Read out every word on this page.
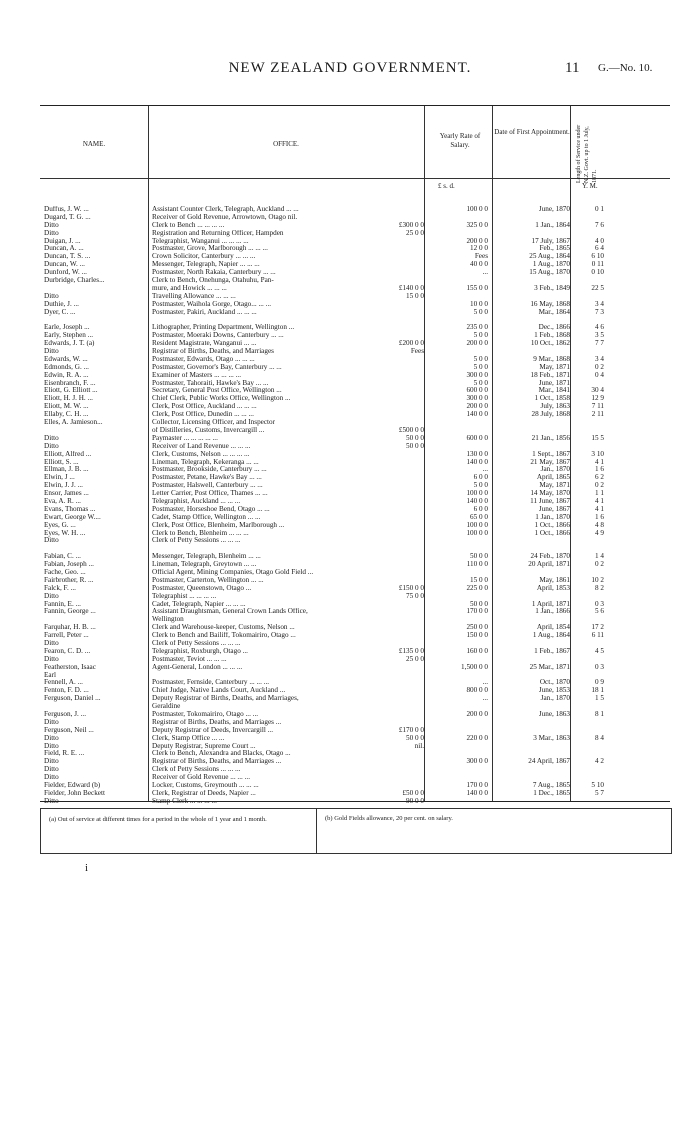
NEW ZEALAND GOVERNMENT.	11 G.—No. 10.
NAME.	OFFICE.
Yearly Rate of Salary.
Date of First Appointment. Length of Service under N.Z. Govt. up to 1 July, 1871.
£ s. d.	Y. M.
Duffus, J. W. ...	Assistant Counter Clerk, Telegraph, Auckland ... ...	100 0 0	June, 1870	0 1
Dugard, T. G. ...	Receiver of Gold Revenue, Arrowtown, Otago nil.
Ditto	Clerk to Bench ... ... ... ...	£300 0 0	325 0 0	1 Jan., 1864	7 6
Ditto	Registration and Returning Officer, Hampden	25 0 0
Duigan, J. ...	Telegraphist, Wanganui ... ... ... ...	200 0 0	17 July, 1867	4 0
Duncan, A. ...	Postmaster, Grove, Marlborough ... ... ...	12 0 0	Feb., 1865	6 4
Duncan, T. S. ...	Crown Solicitor, Canterbury ... ... ...	Fees	25 Aug., 1864	6 10
Duncan, W. ...	Messenger, Telegraph, Napier ... ... ...	40 0 0	1 Aug., 1870	0 11
Dunford, W. ...	Postmaster, North Rakaia, Canterbury ... ...	...	15 Aug., 1870	0 10
Durbridge, Charles...	Clerk to Bench, Onehunga, Otahuhu, Pan-
mure, and Howick ... ... ...	£140 0 0	155 0 0	3 Feb., 1849	22 5
Ditto	Travelling Allowance ... ... ...	15 0 0
Duthie, J. ...	Postmaster, Waihola Gorge, Otago... ... ...	10 0 0	16 May, 1868	3 4
Dyer, C. ...	Postmaster, Pakiri, Auckland ... ... ...	5 0 0	Mar., 1864	7 3
Earle, Joseph ...	Lithographer, Printing Department, Wellington ...	235 0 0	Dec., 1866	4 6
Early, Stephen ...	Postmaster, Moeraki Downs, Canterbury ... ...	5 0 0	1 Feb., 1868	3 5
Edwards, J. T. (a)	Resident Magistrate, Wanganui ... ...	£200 0 0	200 0 0	10 Oct., 1862	7 7
Ditto	Registrar of Births, Deaths, and Marriages	Fees
Edwards, W. ...	Postmaster, Edwards, Otago ... ... ...	5 0 0	9 Mar., 1868	3 4
Edmonds, G. ...	Postmaster, Governor's Bay, Canterbury ... ...	5 0 0	May, 1871	0 2
Edwin, R. A. ...	Examiner of Masters ... ... ... ...	300 0 0	18 Feb., 1871	0 4
Eisenbranch, F. ...	Postmaster, Tahoraiti, Hawke's Bay ... ...	5 0 0	June, 1871
Eliott, G. Elliott ...	Secretary, General Post Office, Wellington ...	600 0 0	Mar., 1841	30 4
Eliott, H. J. H. ...	Chief Clerk, Public Works Office, Wellington ...	300 0 0	1 Oct., 1858	12 9
Eliott, M. W. ...	Clerk, Post Office, Auckland ... ... ...	200 0 0	July, 1863	7 11
Ellaby, C. H. ...	Clerk, Post Office, Dunedin ... ... ...	140 0 0	28 July, 1868	2 11
Elles, A. Jamieson...	Collector, Licensing Officer, and Inspector
of Distilleries, Customs, Invercargill ...	£500 0 0
Ditto	Paymaster ... ... ... ... ...	50 0 0	600 0 0	21 Jan., 1856	15 5
Ditto	Receiver of Land Revenue ... ... ...	50 0 0
Elliott, Alfred ...	Clerk, Customs, Nelson ... ... ... ...	130 0 0	1 Sept., 1867	3 10
Elliott, S. ...	Lineman, Telegraph, Kekeranga ... ...	140 0 0	21 May, 1867	4 1
Ellman, J. B. ...	Postmaster, Brookside, Canterbury ... ...	...	Jan., 1870	1 6
Elwin, J ...	Postmaster, Petane, Hawke's Bay ... ...	6 0 0	April, 1865	6 2
Elwin, J. J. ...	Postmaster, Halswell, Canterbury ... ...	5 0 0	May, 1871	0 2
Ensor, James ...	Letter Carrier, Post Office, Thames ... ...	100 0 0	14 May, 1870	1 1
Eva, A. R. ...	Telegraphist, Auckland ... ... ...	140 0 0	11 June, 1867	4 1
Evans, Thomas ...	Postmaster, Horseshoe Bend, Otago ... ...	6 0 0	June, 1867	4 1
Ewart, George W....	Cadet, Stamp Office, Wellington ... ...	65 0 0	1 Jan., 1870	1 6
Eyes, G. ...	Clerk, Post Office, Blenheim, Marlborough ...	100 0 0	1 Oct., 1866	4 8
Eyes, W. H. ...	Clerk to Bench, Blenheim ... ... ...	100 0 0	1 Oct., 1866	4 9
Ditto	Clerk of Petty Sessions ... ... ...
Fabian, C. ...	Messenger, Telegraph, Blenheim ... ...	50 0 0	24 Feb., 1870	1 4
Fabian, Joseph ...	Lineman, Telegraph, Greytown ... ...	110 0 0	20 April, 1871	0 2
Fache, Geo. ...	Official Agent, Mining Companies, Otago Gold Field ...
Fairbrother, R. ...	Postmaster, Carterton, Wellington ... ...	15 0 0	May, 1861	10 2
Falck, F. ...	Postmaster, Queenstown, Otago ...	£150 0 0	225 0 0	April, 1853	8 2
Ditto	Telegraphist ... ... ... ...	75 0 0
Fannin, E. ...	Cadet, Telegraph, Napier ... ... ...	50 0 0	1 April, 1871	0 3
Fannin, George ...	Assistant Draughtsman, General Crown Lands Office,	170 0 0	1 Jan., 1866	5 6
Wellington
Farquhar, H. B. ...	Clerk and Warehouse-keeper, Customs, Nelson ...	250 0 0	April, 1854	17 2
Farrell, Peter ...	Clerk to Bench and Bailiff, Tokomairiro, Otago ...	150 0 0	1 Aug., 1864	6 11
Ditto	Clerk of Petty Sessions ... ... ...
Fearon, C. D. ...	Telegraphist, Roxburgh, Otago ...	£135 0 0	160 0 0	1 Feb., 1867	4 5
Ditto	Postmaster, Teviot ... ... ...	25 0 0
Featherston, Isaac	Agent-General, London ... ... ...	1,500 0 0	25 Mar., 1871	0 3
Earl
Fennell, A. ...	Postmaster, Fernside, Canterbury ... ... ...	...	Oct., 1870	0 9
Fenton, F. D. ...	Chief Judge, Native Lands Court, Auckland ...	800 0 0	June, 1853	18 1
Ferguson, Daniel ...	Deputy Registrar of Births, Deaths, and Marriages,	...	Jan., 1870	1 5
Geraldine
Ferguson, J. ...	Postmaster, Tokomairiro, Otago ... ...	200 0 0	June, 1863	8 1
Ditto	Registrar of Births, Deaths, and Marriages ...
Ferguson, Neil ...	Deputy Registrar of Deeds, Invercargill ...	£170 0 0
Ditto	Clerk, Stamp Office ... ...	50 0 0	220 0 0	3 Mar., 1863	8 4
Ditto	Deputy Registrar, Supreme Court ...	nil.
Field, R. E. ...	Clerk to Bench, Alexandra and Blacks, Otago ...
Ditto	Registrar of Births, Deaths, and Marriages ...	300 0 0	24 April, 1867	4 2
Ditto	Clerk of Petty Sessions ... ... ...
Ditto	Receiver of Gold Revenue ... ... ...
Fielder, Edward (b)	Locker, Customs, Greymouth ... ... ...	170 0 0	7 Aug., 1865	5 10
Fielder, John Beckett	Clerk, Registrar of Deeds, Napier ...	£50 0 0	140 0 0	1 Dec., 1865	5 7
Ditto	Stamp Clerk ... ... ... ...	90 0 0
(a) Out of service at different times for a period in the whole of 1 year and 1 month.	(b) Gold Fields allowance, 20 per cent. on salary.
i
